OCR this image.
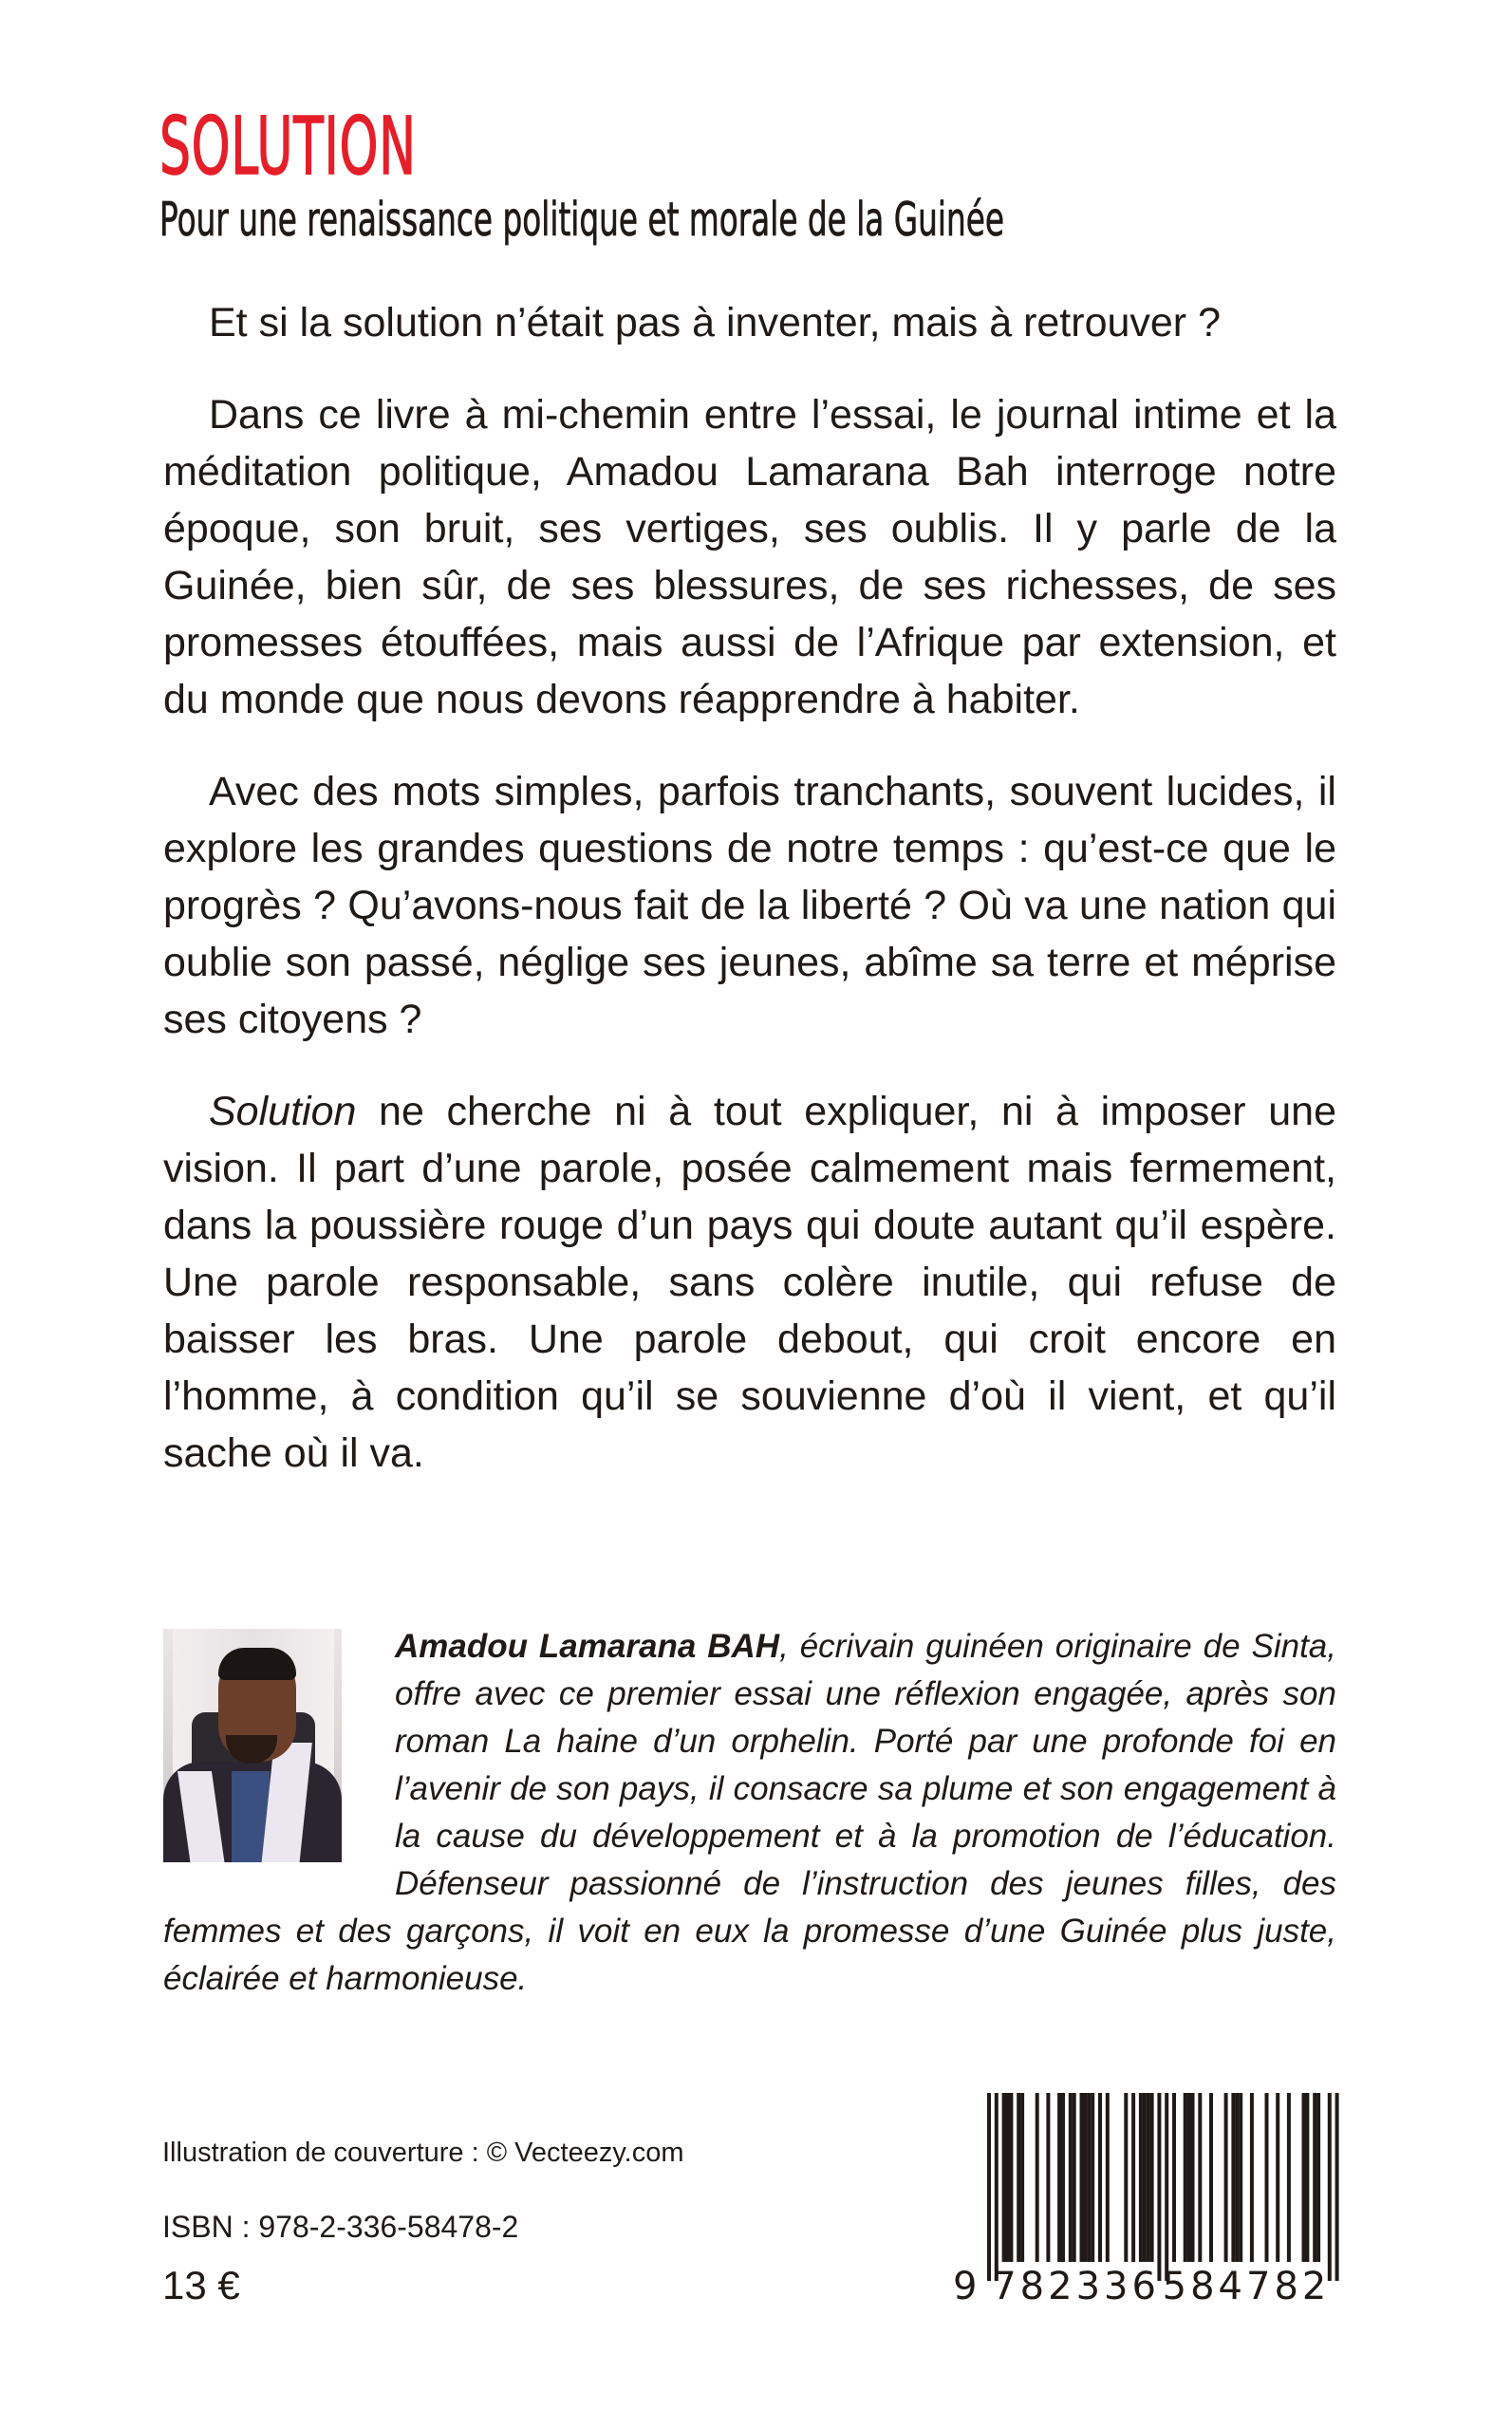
SOLUTION
Pour une renaissance politique et morale de la Guinée

Et si la solution n’était pas à inventer, mais à retrouver ?

Dans ce livre à mi-chemin entre l’essai, le journal intime et la méditation politique, Amadou Lamarana Bah interroge notre époque, son bruit, ses vertiges, ses oublis. Il y parle de la Guinée, bien sûr, de ses blessures, de ses richesses, de ses promesses étouffées, mais aussi de l’Afrique par extension, et du monde que nous devons réapprendre à habiter.

Avec des mots simples, parfois tranchants, souvent lucides, il explore les grandes questions de notre temps : qu’est-ce que le progrès ? Qu’avons-nous fait de la liberté ? Où va une nation qui oublie son passé, néglige ses jeunes, abîme sa terre et méprise ses citoyens ?

Solution ne cherche ni à tout expliquer, ni à imposer une vision. Il part d’une parole, posée calmement mais fermement, dans la poussière rouge d’un pays qui doute autant qu’il espère. Une parole responsable, sans colère inutile, qui refuse de baisser les bras. Une parole debout, qui croit encore en l’homme, à condition qu’il se souvienne d’où il vient, et qu’il sache où il va.

Amadou Lamarana BAH, écrivain guinéen originaire de Sinta, offre avec ce premier essai une réflexion engagée, après son roman La haine d’un orphelin. Porté par une profonde foi en l’avenir de son pays, il consacre sa plume et son engagement à la cause du développement et à la promotion de l’éducation. Défenseur passionné de l’instruction des jeunes filles, des femmes et des garçons, il voit en eux la promesse d’une Guinée plus juste, éclairée et harmonieuse.
Illustration de couverture : © Vecteezy.com
ISBN : 978-2-336-58478-2
13 €	9 782336 584782
